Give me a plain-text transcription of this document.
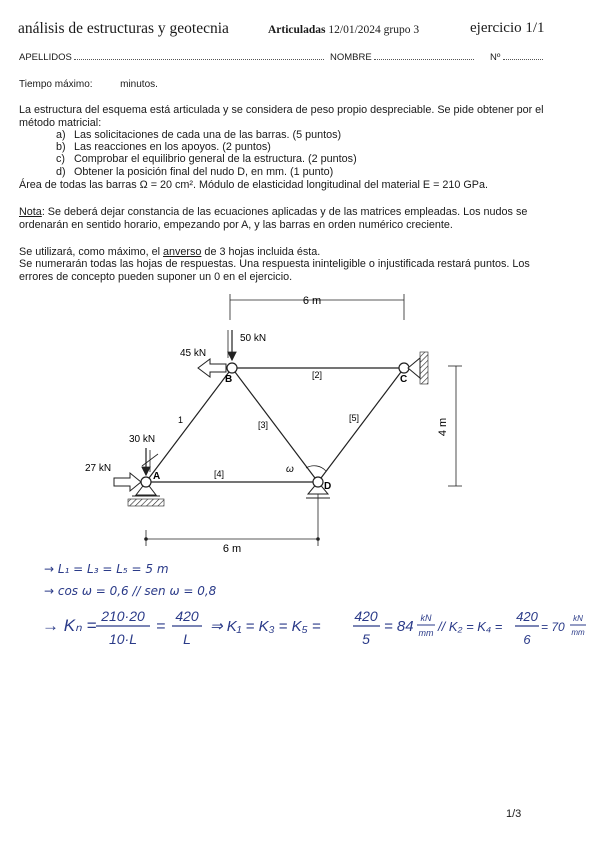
análisis de estructuras y geotecnia	Articuladas 12/01/2024 grupo 3	ejercicio 1/1
APELLIDOS	NOMBRE	Nº
Tiempo máximo:	minutos.
La estructura del esquema está articulada y se considera de peso propio despreciable. Se pide obtener por el método matricial:
a) Las solicitaciones de cada una de las barras. (5 puntos)
b) Las reacciones en los apoyos. (2 puntos)
c) Comprobar el equilibrio general de la estructura. (2 puntos)
d) Obtener la posición final del nudo D, en mm. (1 punto)
Área de todas las barras Ω = 20 cm². Módulo de elasticidad longitudinal del material E = 210 GPa.
Nota: Se deberá dejar constancia de las ecuaciones aplicadas y de las matrices empleadas. Los nudos se ordenarán en sentido horario, empezando por A, y las barras en orden numérico creciente.
Se utilizará, como máximo, el anverso de 3 hojas incluida ésta.
Se numerarán todas las hojas de respuestas. Una respuesta ininteligible o injustificada restará puntos. Los errores de concepto pueden suponer un 0 en el ejercicio.
6 m
4 m
6 m
ω
1
[2]
[3]
[4]
[5]
B	C
A
D
50 kN
45 kN
30 kN
27 kN
→ L₁ = L₃ = L₅ = 5 m
→ cos ω = 0,6 // sen ω = 0,8
→ Kₙ = 210·20
10·L
=
420
L
⇒ K₁ = K₃ = K₅ =
420
5
= 84 kN
mm // K₂ = K₄ =
420
6
= 70
kN
mm
1/3
